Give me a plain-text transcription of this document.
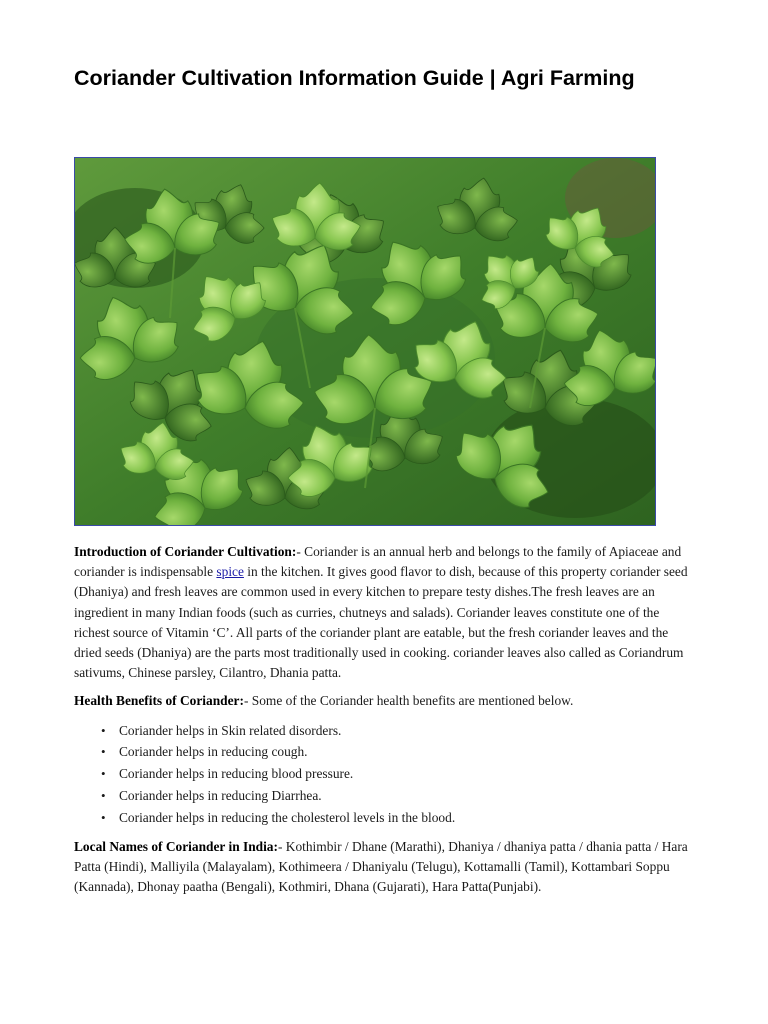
Coriander Cultivation Information Guide | Agri Farming

Introduction of Coriander Cultivation:- Coriander is an annual herb and belongs to the family of Apiaceae and coriander is indispensable spice in the kitchen. It gives good flavor to dish, because of this property coriander seed (Dhaniya) and fresh leaves are common used in every kitchen to prepare testy dishes.The fresh leaves are an ingredient in many Indian foods (such as curries, chutneys and salads). Coriander leaves constitute one of the richest source of Vitamin ‘C’. All parts of the coriander plant are eatable, but the fresh coriander leaves and the dried seeds (Dhaniya) are the parts most traditionally used in cooking. coriander leaves also called as Coriandrum sativums, Chinese parsley, Cilantro, Dhania patta.

Health Benefits of Coriander:- Some of the Coriander health benefits are mentioned below.

• Coriander helps in Skin related disorders.
• Coriander helps in reducing cough.
• Coriander helps in reducing blood pressure.
• Coriander helps in reducing Diarrhea.
• Coriander helps in reducing the cholesterol levels in the blood.

Local Names of Coriander in India:- Kothimbir / Dhane (Marathi), Dhaniya / dhaniya patta / dhania patta / Hara Patta (Hindi), Malliyila (Malayalam), Kothimeera / Dhaniyalu (Telugu), Kottamalli (Tamil), Kottambari Soppu (Kannada), Dhonay paatha (Bengali), Kothmiri, Dhana (Gujarati), Hara Patta(Punjabi).
